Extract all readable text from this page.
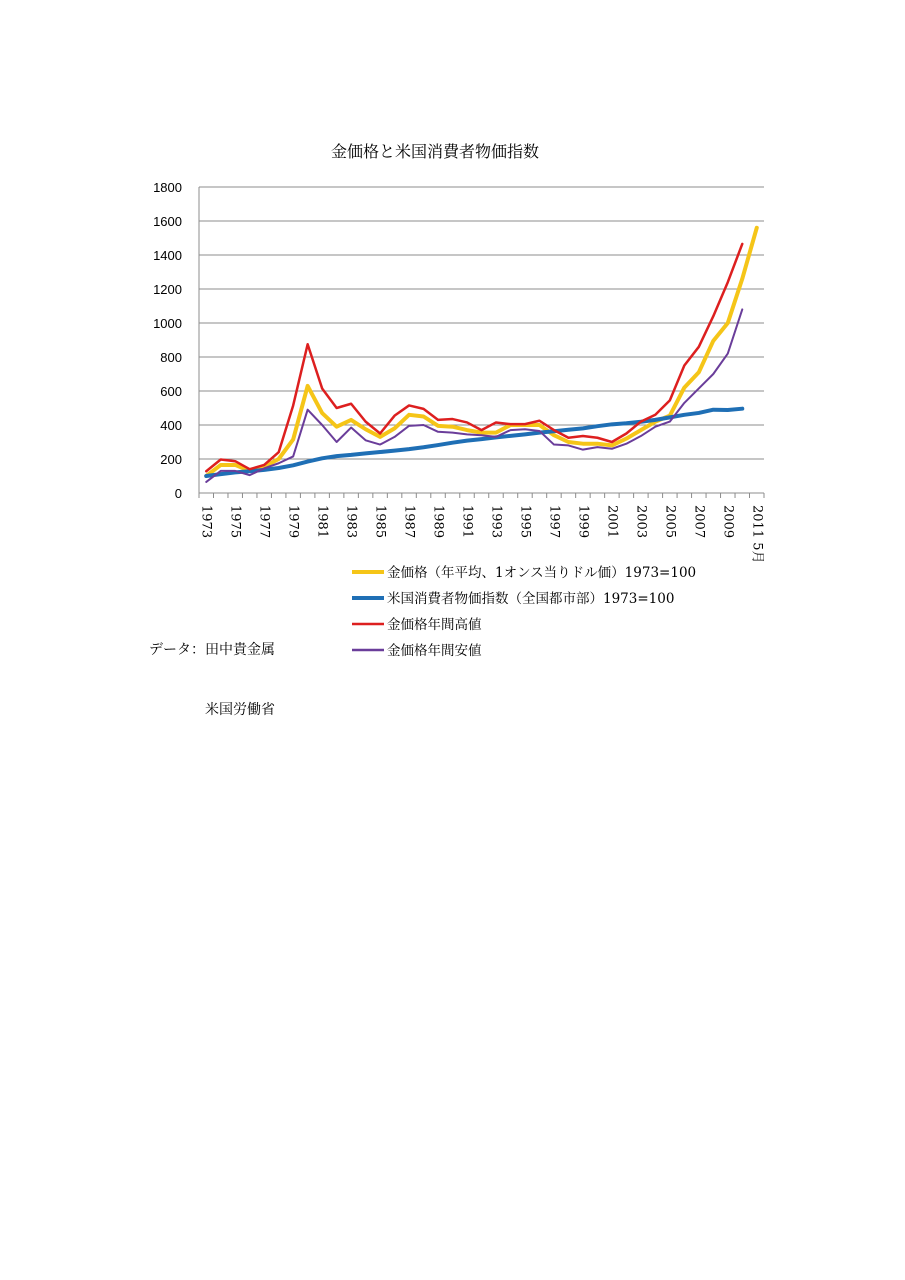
金価格と米国消費者物価指数
0
200
400
600
800
1000
1200
1400
1600
1800
1973 1975 1977 1979 1981 1983 1985 1987 1989 1991 1993 1995 1997 1999 2001 2003 2005 2007 2009 2011 5月
金価格（年平均、1オンス当りドル価）1973=100
米国消費者物価指数（全国都市部）1973=100
金価格年間高値
金価格年間安値

データ：田中貴金属

　　　　米国労働省
